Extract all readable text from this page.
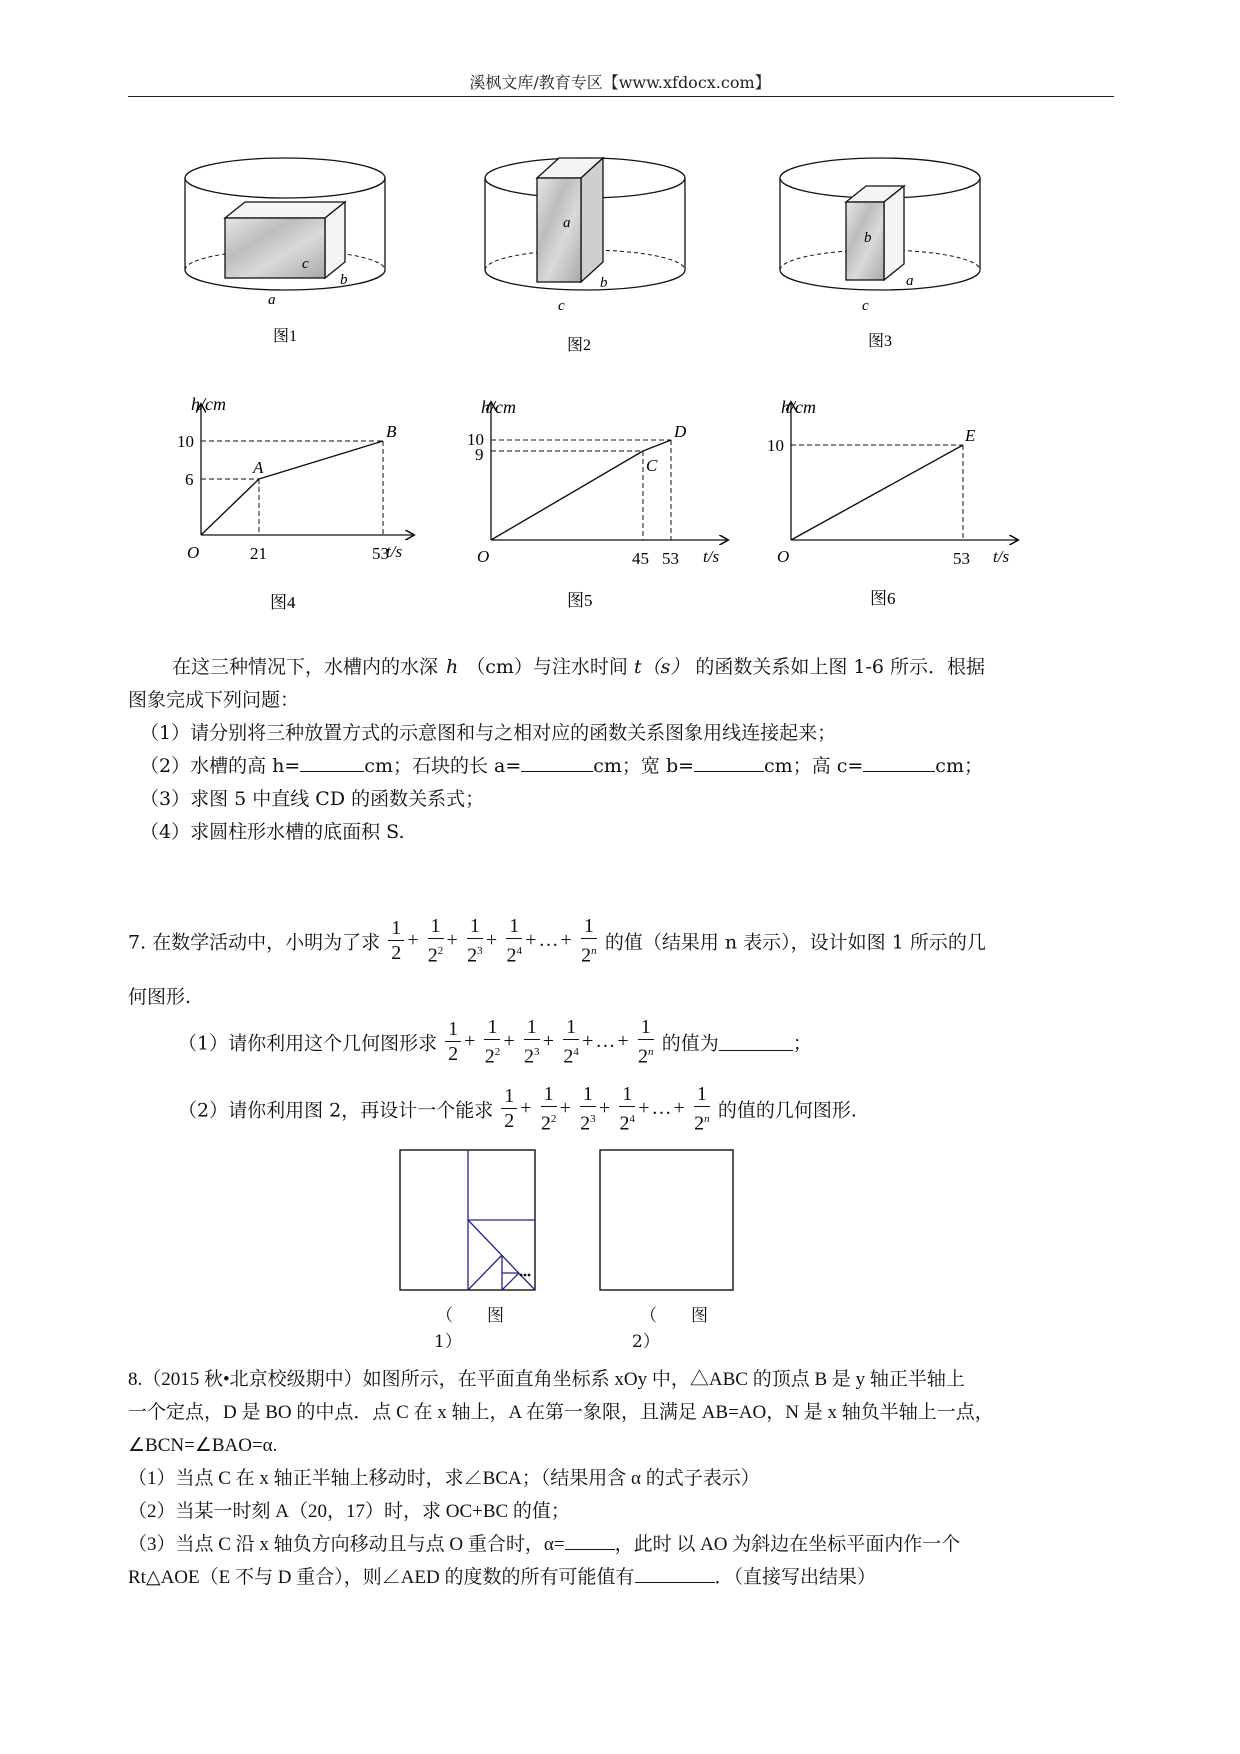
溪枫文库/教育专区【www.xfdocx.com】
c
b
a
图1
a
b
c
图2
b
a
c
图3
h/cm
t/s
O
10
6
21	53
A
B
图4
h/cm
t/s
O
10
9
45 53
C
D
图5
h/cm
t/s
O
10
53
E
图6
在这三种情况下，水槽内的水深 h （cm）与注水时间 t（s） 的函数关系如上图 1-6 所示．根据
图象完成下列问题：
（1）请分别将三种放置方式的示意图和与之相对应的函数关系图象用线连接起来；
（2）水槽的高 h=	cm；石块的长 a=	cm；宽 b=	cm；高 c=	cm；
（3）求图 5 中直线 CD 的函数关系式；
（4）求圆柱形水槽的底面积 S.
7. 在数学活动中，小明为了求 $\frac{1}{2} + \frac{1}{2^2} + \frac{1}{2^3} + \frac{1}{2^4}$ + … + $\frac{1}{2^n}$ 的值（结果用 n 表示），设计如图 1 所示的几
何图形.
（1）请你利用这个几何图形求 $\frac{1}{2} + \frac{1}{2^2} + \frac{1}{2^3} + \frac{1}{2^4}$ + … + $\frac{1}{2^n}$ 的值为	；
（2）请你利用图 2，再设计一个能求 $\frac{1}{2} + \frac{1}{2^2} + \frac{1}{2^3} + \frac{1}{2^4}$ + … + $\frac{1}{2^n}$ 的值的几何图形.
（　　图
1）
（　　图
2）
8.（2015 秋•北京校级期中）如图所示，在平面直角坐标系 xOy 中，△ABC 的顶点 B 是 y 轴正半轴上
一个定点，D 是 BO 的中点．点 C 在 x 轴上，A 在第一象限，且满足 AB=AO，N 是 x 轴负半轴上一点，
∠BCN=∠BAO=α.
（1）当点 C 在 x 轴正半轴上移动时，求∠BCA；（结果用含 α 的式子表示）
（2）当某一时刻 A（20，17）时，求 OC+BC 的值；
（3）当点 C 沿 x 轴负方向移动且与点 O 重合时，α=	，此时 以 AO 为斜边在坐标平面内作一个
Rt△AOE（E 不与 D 重合），则∠AED 的度数的所有可能值有	．（直接写出结果）
